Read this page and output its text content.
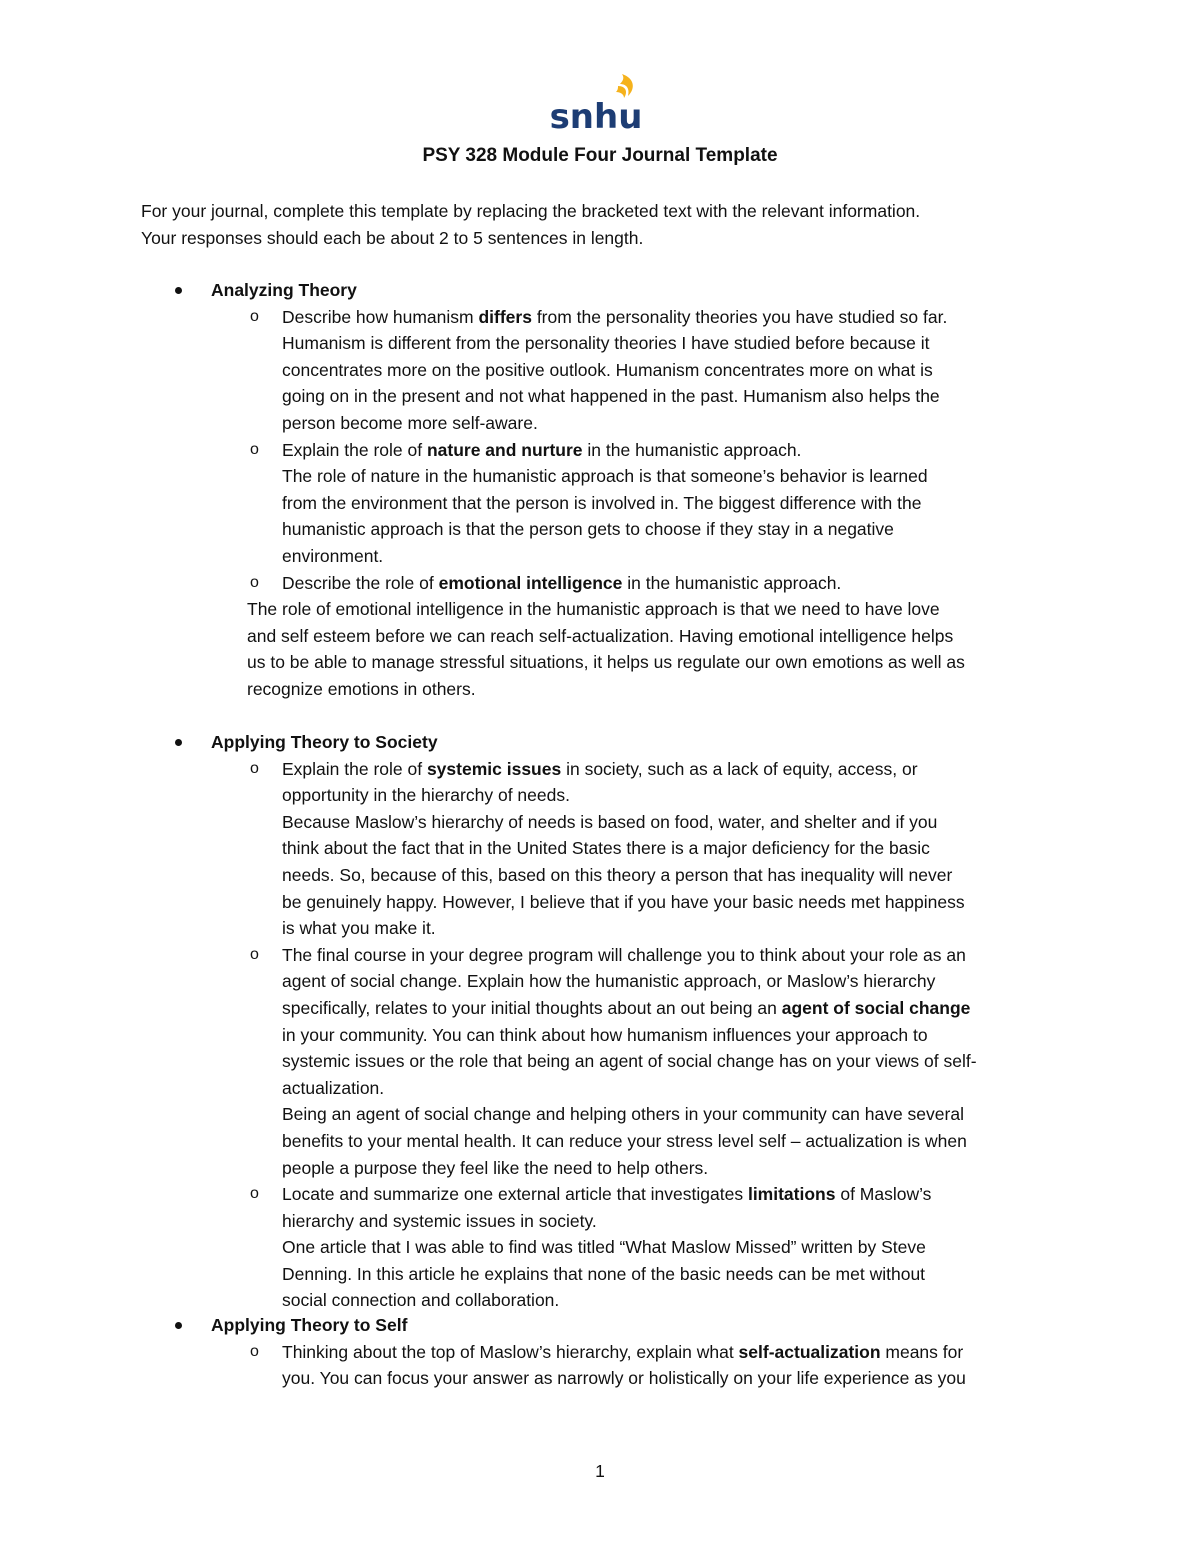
snhu
PSY 328 Module Four Journal Template

For your journal, complete this template by replacing the bracketed text with the relevant information.
Your responses should each be about 2 to 5 sentences in length.

Analyzing Theory
o Describe how humanism differs from the personality theories you have studied so far.
Humanism is different from the personality theories I have studied before because it
concentrates more on the positive outlook. Humanism concentrates more on what is
going on in the present and not what happened in the past. Humanism also helps the
person become more self-aware.
o Explain the role of nature and nurture in the humanistic approach.
The role of nature in the humanistic approach is that someone’s behavior is learned
from the environment that the person is involved in. The biggest difference with the
humanistic approach is that the person gets to choose if they stay in a negative
environment.
o Describe the role of emotional intelligence in the humanistic approach.
The role of emotional intelligence in the humanistic approach is that we need to have love
and self esteem before we can reach self-actualization. Having emotional intelligence helps
us to be able to manage stressful situations, it helps us regulate our own emotions as well as
recognize emotions in others.
Applying Theory to Society
o Explain the role of systemic issues in society, such as a lack of equity, access, or
opportunity in the hierarchy of needs.
Because Maslow’s hierarchy of needs is based on food, water, and shelter and if you
think about the fact that in the United States there is a major deficiency for the basic
needs. So, because of this, based on this theory a person that has inequality will never
be genuinely happy. However, I believe that if you have your basic needs met happiness
is what you make it.
o The final course in your degree program will challenge you to think about your role as an
agent of social change. Explain how the humanistic approach, or Maslow’s hierarchy
specifically, relates to your initial thoughts about an out being an agent of social change
in your community. You can think about how humanism influences your approach to
systemic issues or the role that being an agent of social change has on your views of self-
actualization.
Being an agent of social change and helping others in your community can have several
benefits to your mental health. It can reduce your stress level self – actualization is when
people a purpose they feel like the need to help others.
o Locate and summarize one external article that investigates limitations of Maslow’s
hierarchy and systemic issues in society.
One article that I was able to find was titled “What Maslow Missed” written by Steve
Denning. In this article he explains that none of the basic needs can be met without
social connection and collaboration.
Applying Theory to Self
o Thinking about the top of Maslow’s hierarchy, explain what self-actualization means for
you. You can focus your answer as narrowly or holistically on your life experience as you
1
